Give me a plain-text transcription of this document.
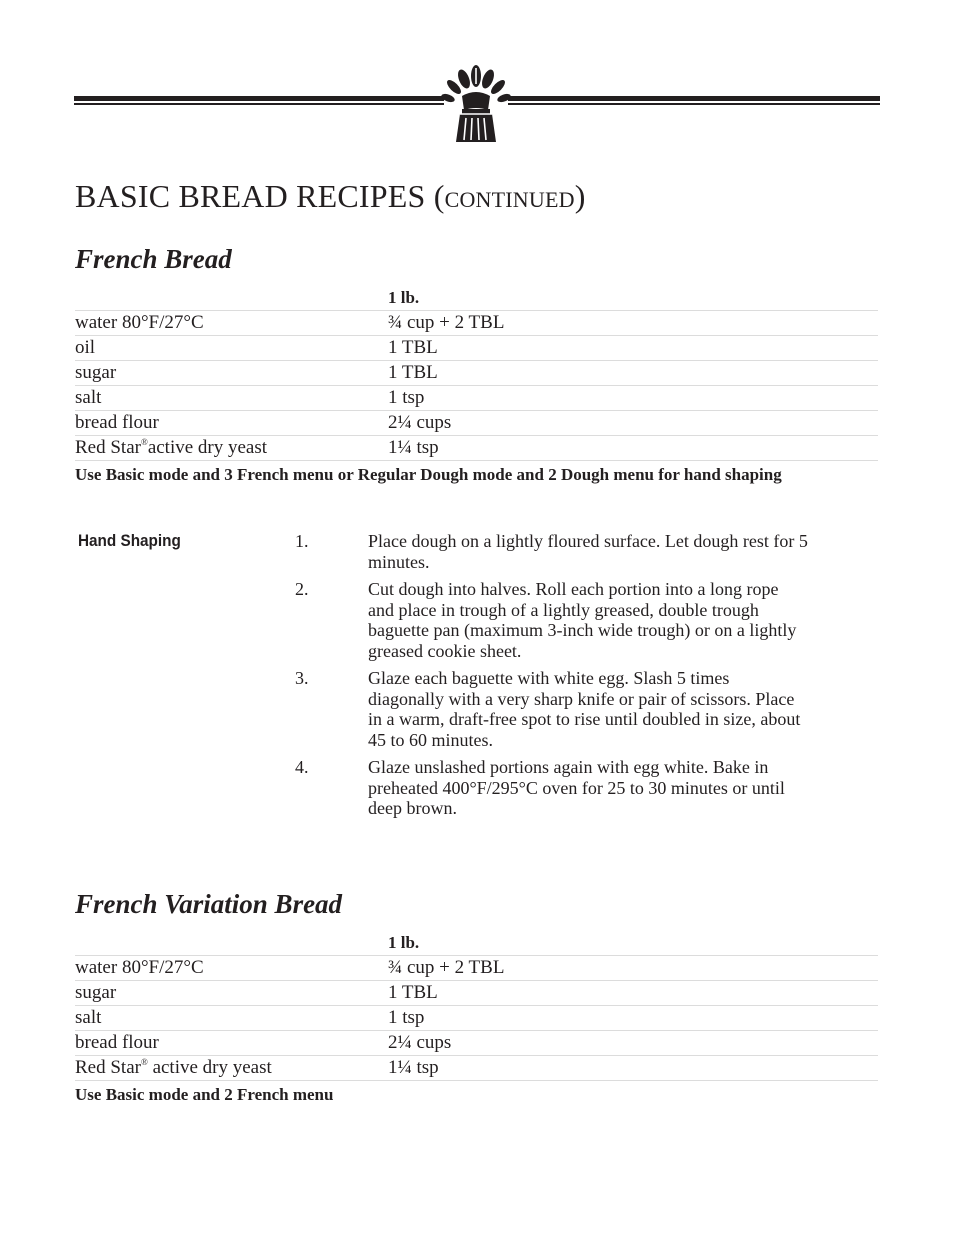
BASIC BREAD RECIPES (CONTINUED)
French Bread
1 lb.
water 80°F/27°C	¾ cup + 2 TBL
oil	1 TBL
sugar	1 TBL
salt	1 tsp
bread flour	2¼ cups
Red Star®active dry yeast	1¼ tsp
Use Basic mode and 3 French menu or Regular Dough mode and 2 Dough menu for hand shaping
Hand Shaping	1.	Place dough on a lightly floured surface. Let dough rest for 5 minutes.
2.	Cut dough into halves. Roll each portion into a long rope and place in trough of a lightly greased, double trough baguette pan (maximum 3-inch wide trough) or on a lightly greased cookie sheet.
3.	Glaze each baguette with white egg. Slash 5 times diagonally with a very sharp knife or pair of scissors. Place in a warm, draft-free spot to rise until doubled in size, about 45 to 60 minutes.
4.	Glaze unslashed portions again with egg white. Bake in preheated 400°F/295°C oven for 25 to 30 minutes or until deep brown.
French Variation Bread
1 lb.
water 80°F/27°C	¾ cup + 2 TBL
sugar	1 TBL
salt	1 tsp
bread flour	2¼ cups
Red Star® active dry yeast	1¼ tsp
Use Basic mode and 2 French menu
